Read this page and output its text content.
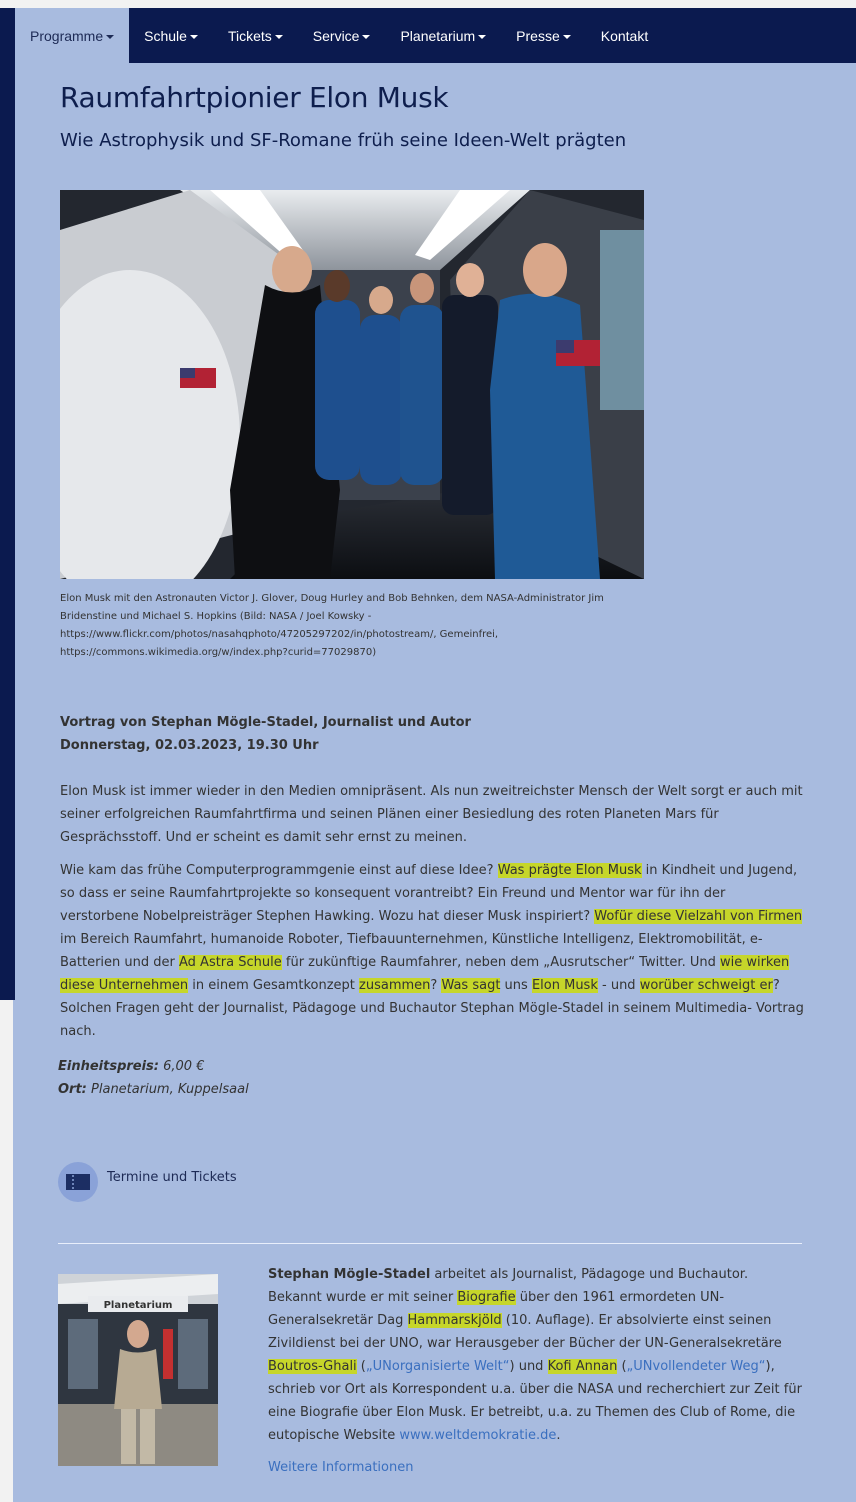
Programme	Schule	Tickets	Service	Planetarium	Presse	Kontakt
Raumfahrtpionier Elon Musk
Wie Astrophysik und SF-Romane früh seine Ideen-Welt prägten
Elon Musk mit den Astronauten Victor J. Glover, Doug Hurley and Bob Behnken, dem NASA-Administrator Jim Bridenstine und Michael S. Hopkins (Bild: NASA / Joel Kowsky - https://www.flickr.com/photos/nasahqphoto/47205297202/in/photostream/, Gemeinfrei, https://commons.wikimedia.org/w/index.php?curid=77029870)
Vortrag von Stephan Mögle-Stadel, Journalist und Autor
Donnerstag, 02.03.2023, 19.30 Uhr
Elon Musk ist immer wieder in den Medien omnipräsent. Als nun zweitreichster Mensch der Welt sorgt er auch mit seiner erfolgreichen Raumfahrtfirma und seinen Plänen einer Besiedlung des roten Planeten Mars für Gesprächsstoff. Und er scheint es damit sehr ernst zu meinen.
Wie kam das frühe Computerprogrammgenie einst auf diese Idee? Was prägte Elon Musk in Kindheit und Jugend, so dass er seine Raumfahrtprojekte so konsequent vorantreibt? Ein Freund und Mentor war für ihn der verstorbene Nobelpreisträger Stephen Hawking. Wozu hat dieser Musk inspiriert? Wofür diese Vielzahl von Firmen im Bereich Raumfahrt, humanoide Roboter, Tiefbauunternehmen, Künstliche Intelligenz, Elektromobilität, e-Batterien und der Ad Astra Schule für zukünftige Raumfahrer, neben dem „Ausrutscher“ Twitter. Und wie wirken diese Unternehmen in einem Gesamtkonzept zusammen? Was sagt uns Elon Musk - und worüber schweigt er? Solchen Fragen geht der Journalist, Pädagoge und Buchautor Stephan Mögle-Stadel in seinem Multimedia- Vortrag nach.
Einheitspreis: 6,00 €
Ort: Planetarium, Kuppelsaal
Termine und Tickets
Planetarium
Stephan Mögle-Stadel arbeitet als Journalist, Pädagoge und Buchautor. Bekannt wurde er mit seiner Biografie über den 1961 ermordeten UN-Generalsekretär Dag Hammarskjöld (10. Auflage). Er absolvierte einst seinen Zivildienst bei der UNO, war Herausgeber der Bücher der UN-Generalsekretäre Boutros-Ghali („UNorganisierte Welt“) und Kofi Annan („UNvollendeter Weg“), schrieb vor Ort als Korrespondent u.a. über die NASA und recherchiert zur Zeit für eine Biografie über Elon Musk. Er betreibt, u.a. zu Themen des Club of Rome, die eutopische Website www.weltdemokratie.de.
Weitere Informationen
